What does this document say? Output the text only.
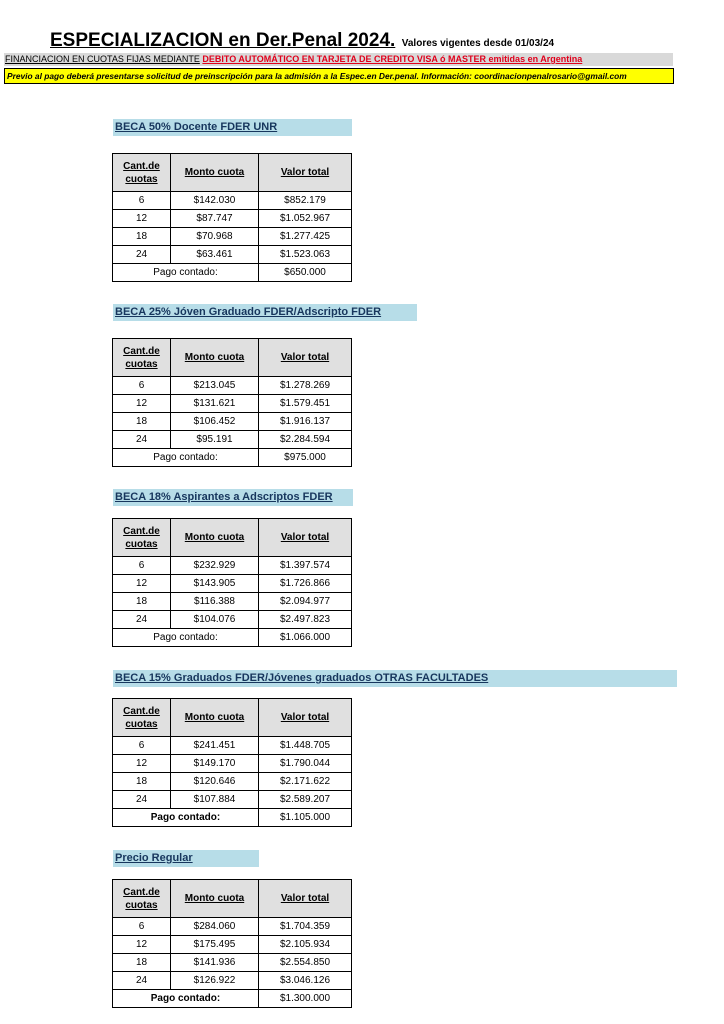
ESPECIALIZACION en Der.Penal 2024. Valores vigentes desde 01/03/24
FINANCIACION EN CUOTAS FIJAS MEDIANTE DEBITO AUTOMÁTICO EN TARJETA DE CREDITO VISA ó MASTER emitidas en Argentina
Previo al pago deberá presentarse solicitud de preinscripción para la admisión a la Espec.en Der.penal. Información: coordinacionpenalrosario@gmail.com
BECA 50% Docente FDER UNR
Cant.de
cuotas	Monto cuota	Valor total
6	$142.030	$852.179
12	$87.747	$1.052.967
18	$70.968	$1.277.425
24	$63.461	$1.523.063
Pago contado:		$650.000
BECA 25% Jóven Graduado FDER/Adscripto FDER
Cant.de
cuotas	Monto cuota	Valor total
6	$213.045	$1.278.269
12	$131.621	$1.579.451
18	$106.452	$1.916.137
24	$95.191	$2.284.594
Pago contado:		$975.000
BECA 18% Aspirantes a Adscriptos FDER
Cant.de
cuotas	Monto cuota	Valor total
6	$232.929	$1.397.574
12	$143.905	$1.726.866
18	$116.388	$2.094.977
24	$104.076	$2.497.823
Pago contado:		$1.066.000
BECA 15% Graduados FDER/Jóvenes graduados OTRAS FACULTADES
Cant.de
cuotas	Monto cuota	Valor total
6	$241.451	$1.448.705
12	$149.170	$1.790.044
18	$120.646	$2.171.622
24	$107.884	$2.589.207
Pago contado:		$1.105.000
Precio Regular
Cant.de
cuotas	Monto cuota	Valor total
6	$284.060	$1.704.359
12	$175.495	$2.105.934
18	$141.936	$2.554.850
24	$126.922	$3.046.126
Pago contado:		$1.300.000
